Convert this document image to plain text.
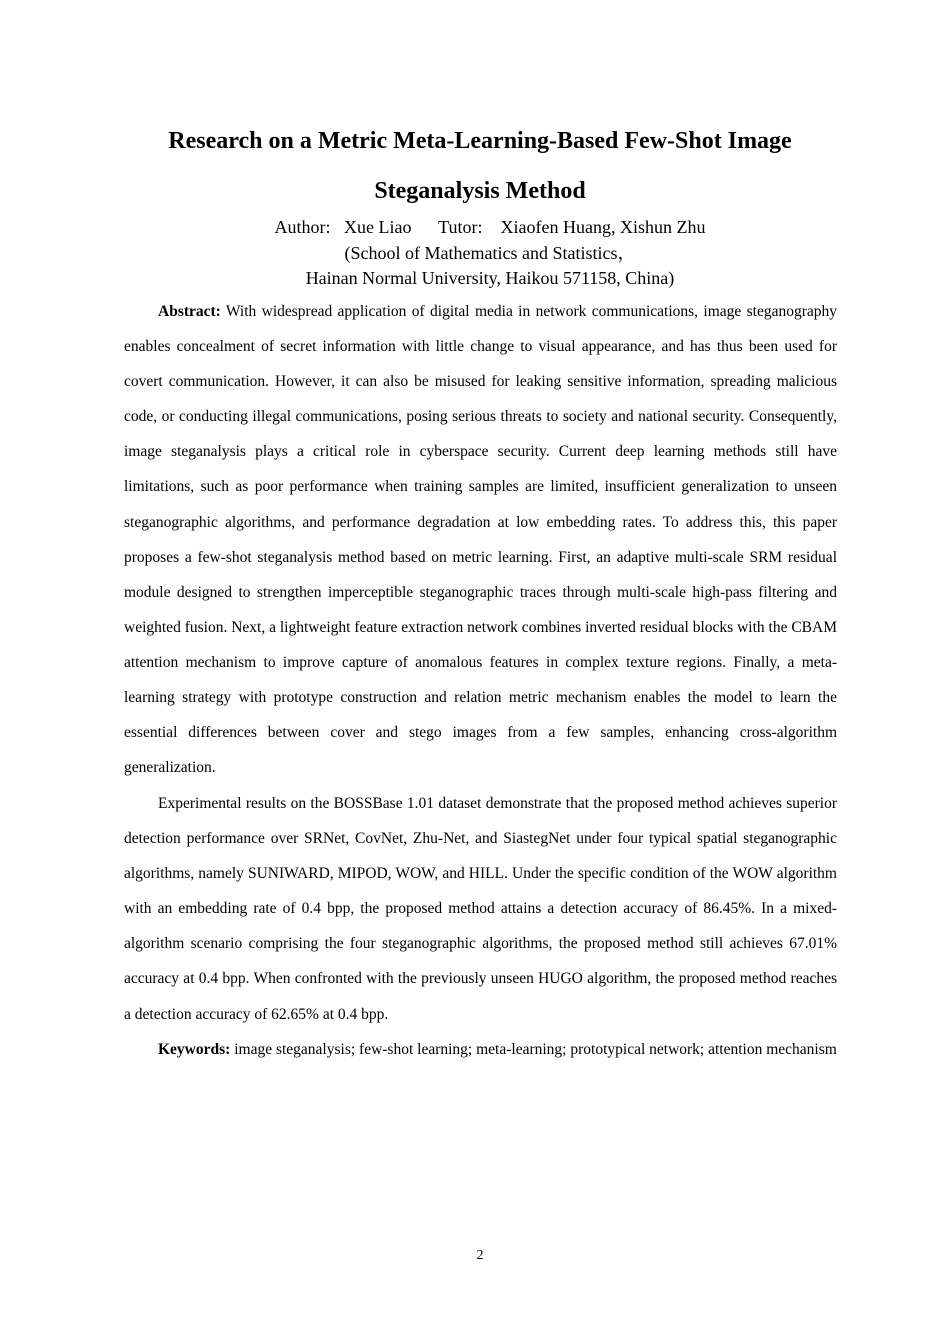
Research on a Metric Meta-Learning-Based Few-Shot Image
Steganalysis Method
Author:   Xue Liao      Tutor:    Xiaofen Huang, Xishun Zhu
(School of Mathematics and Statistics，
Hainan Normal University, Haikou 571158, China)

Abstract: With widespread application of digital media in network communications, image steganography enables concealment of secret information with little change to visual appearance, and has thus been used for covert communication. However, it can also be misused for leaking sensitive information, spreading malicious code, or conducting illegal communications, posing serious threats to society and national security. Consequently, image steganalysis plays a critical role in cyberspace security. Current deep learning methods still have limitations, such as poor performance when training samples are limited, insufficient generalization to unseen steganographic algorithms, and performance degradation at low embedding rates. To address this, this paper proposes a few-shot steganalysis method based on metric learning. First, an adaptive multi-scale SRM residual module designed to strengthen imperceptible steganographic traces through multi-scale high-pass filtering and weighted fusion. Next, a lightweight feature extraction network combines inverted residual blocks with the CBAM attention mechanism to improve capture of anomalous features in complex texture regions. Finally, a meta-learning strategy with prototype construction and relation metric mechanism enables the model to learn the essential differences between cover and stego images from a few samples, enhancing cross-algorithm generalization.

Experimental results on the BOSSBase 1.01 dataset demonstrate that the proposed method achieves superior detection performance over SRNet, CovNet, Zhu-Net, and SiastegNet under four typical spatial steganographic algorithms, namely SUNIWARD, MIPOD, WOW, and HILL. Under the specific condition of the WOW algorithm with an embedding rate of 0.4 bpp, the proposed method attains a detection accuracy of 86.45%. In a mixed-algorithm scenario comprising the four steganographic algorithms, the proposed method still achieves 67.01% accuracy at 0.4 bpp. When confronted with the previously unseen HUGO algorithm, the proposed method reaches a detection accuracy of 62.65% at 0.4 bpp.

Keywords: image steganalysis; few-shot learning; meta-learning; prototypical network; attention mechanism

2
